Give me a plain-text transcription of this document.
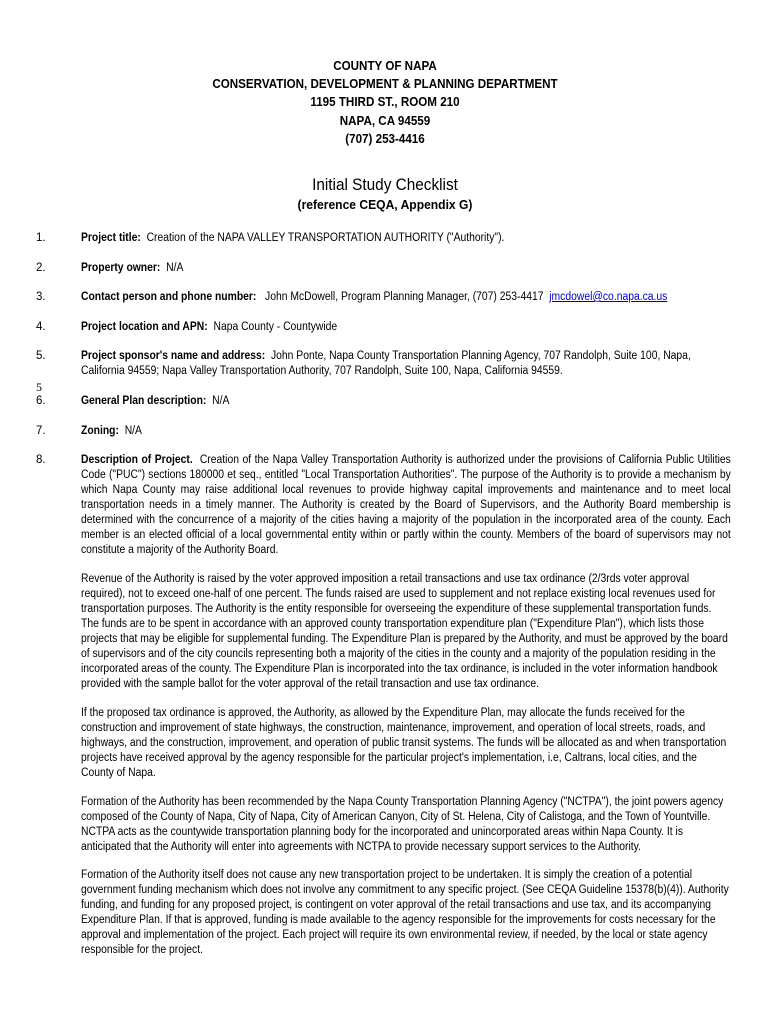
COUNTY OF NAPA
CONSERVATION, DEVELOPMENT & PLANNING DEPARTMENT
1195 THIRD ST., ROOM 210
NAPA, CA 94559
(707) 253-4416
Initial Study Checklist
(reference CEQA, Appendix G)
1.	Project title: Creation of the NAPA VALLEY TRANSPORTATION AUTHORITY ("Authority").
2.	Property owner: N/A
3.	Contact person and phone number: John McDowell, Program Planning Manager, (707) 253-4417 jmcdowel@co.napa.ca.us
4.	Project location and APN: Napa County - Countywide
5.	Project sponsor's name and address: John Ponte, Napa County Transportation Planning Agency, 707 Randolph, Suite 100, Napa, California 94559; Napa Valley Transportation Authority, 707 Randolph, Suite 100, Napa, California 94559.
5
6.	General Plan description: N/A
7.	Zoning: N/A
8.	Description of Project. Creation of the Napa Valley Transportation Authority is authorized under the provisions of California Public Utilities Code ("PUC") sections 180000 et seq., entitled "Local Transportation Authorities". The purpose of the Authority is to provide a mechanism by which Napa County may raise additional local revenues to provide highway capital improvements and maintenance and to meet local transportation needs in a timely manner. The Authority is created by the Board of Supervisors, and the Authority Board membership is determined with the concurrence of a majority of the cities having a majority of the population in the incorporated area of the county. Each member is an elected official of a local governmental entity within or partly within the county. Members of the board of supervisors may not constitute a majority of the Authority Board.
Revenue of the Authority is raised by the voter approved imposition a retail transactions and use tax ordinance (2/3rds voter approval required), not to exceed one-half of one percent. The funds raised are used to supplement and not replace existing local revenues used for transportation purposes. The Authority is the entity responsible for overseeing the expenditure of these supplemental transportation funds. The funds are to be spent in accordance with an approved county transportation expenditure plan ("Expenditure Plan"), which lists those projects that may be eligible for supplemental funding. The Expenditure Plan is prepared by the Authority, and must be approved by the board of supervisors and of the city councils representing both a majority of the cities in the county and a majority of the population residing in the incorporated areas of the county. The Expenditure Plan is incorporated into the tax ordinance, is included in the voter information handbook provided with the sample ballot for the voter approval of the retail transaction and use tax ordinance.
If the proposed tax ordinance is approved, the Authority, as allowed by the Expenditure Plan, may allocate the funds received for the construction and improvement of state highways, the construction, maintenance, improvement, and operation of local streets, roads, and highways, and the construction, improvement, and operation of public transit systems. The funds will be allocated as and when transportation projects have received approval by the agency responsible for the particular project's implementation, i.e, Caltrans, local cities, and the County of Napa.
Formation of the Authority has been recommended by the Napa County Transportation Planning Agency ("NCTPA"), the joint powers agency composed of the County of Napa, City of Napa, City of American Canyon, City of St. Helena, City of Calistoga, and the Town of Yountville. NCTPA acts as the countywide transportation planning body for the incorporated and unincorporated areas within Napa County. It is anticipated that the Authority will enter into agreements with NCTPA to provide necessary support services to the Authority.
Formation of the Authority itself does not cause any new transportation project to be undertaken. It is simply the creation of a potential government funding mechanism which does not involve any commitment to any specific project. (See CEQA Guideline 15378(b)(4)). Authority funding, and funding for any proposed project, is contingent on voter approval of the retail transactions and use tax, and its accompanying Expenditure Plan. If that is approved, funding is made available to the agency responsible for the improvements for costs necessary for the approval and implementation of the project. Each project will require its own environmental review, if needed, by the local or state agency responsible for the project.
